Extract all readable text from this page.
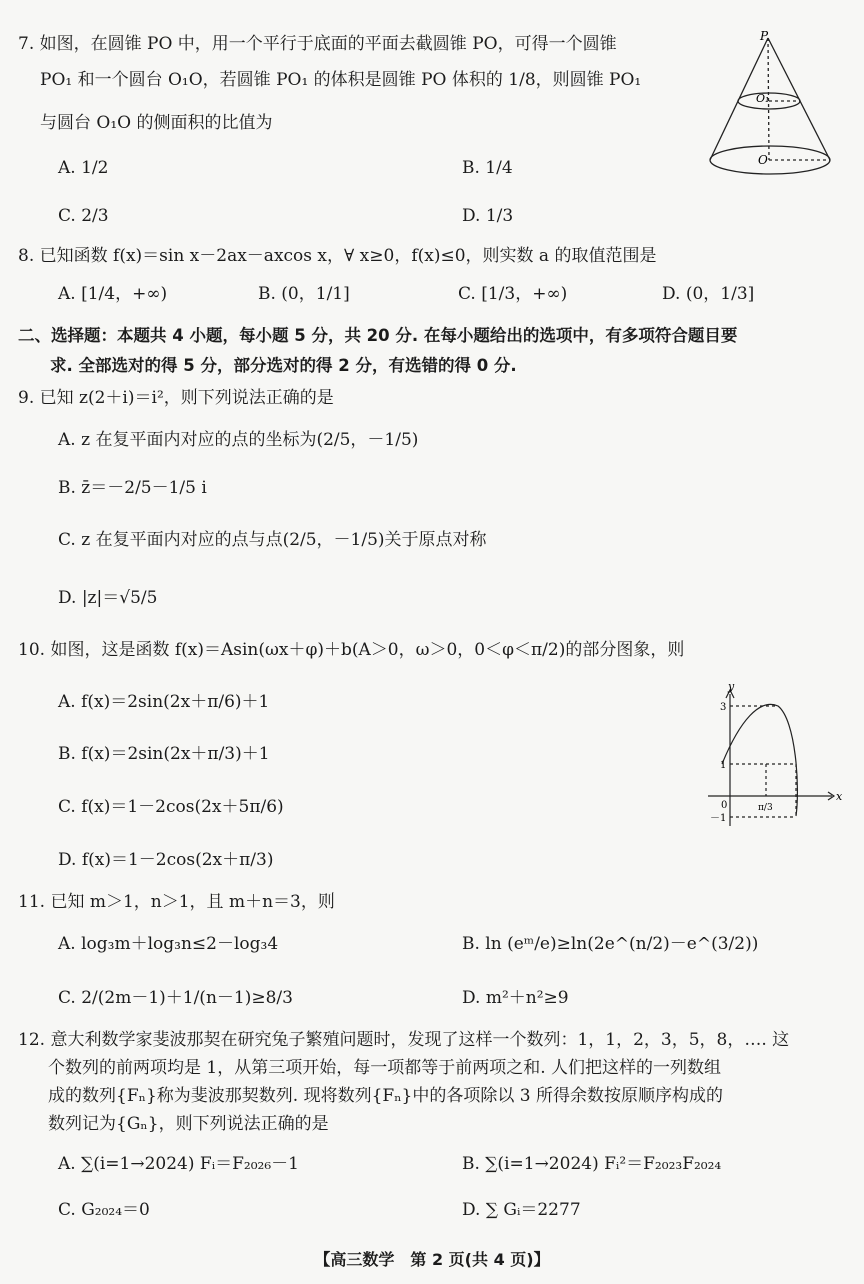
7. 如图，在圆锥 PO 中，用一个平行于底面的平面去截圆锥 PO，可得一个圆锥
PO₁ 和一个圆台 O₁O，若圆锥 PO₁ 的体积是圆锥 PO 体积的 1/8，则圆锥 PO₁
与圆台 O₁O 的侧面积的比值为
A. 1/2	B. 1/4
C. 2/3	D. 1/3
P
O₁
O
8. 已知函数 f(x)＝sin x－2ax－axcos x，∀ x≥0，f(x)≤0，则实数 a 的取值范围是
A. [1/4，+∞)	B. (0，1/1]	C. [1/3，+∞)	D. (0，1/3]
二、选择题：本题共 4 小题，每小题 5 分，共 20 分. 在每小题给出的选项中，有多项符合题目要
求. 全部选对的得 5 分，部分选对的得 2 分，有选错的得 0 分.
9. 已知 z(2＋i)＝i²，则下列说法正确的是
A. z 在复平面内对应的点的坐标为(2/5，－1/5)
B. z̄＝－2/5－1/5 i
C. z 在复平面内对应的点与点(2/5，－1/5)关于原点对称
D. |z|＝√5/5
10. 如图，这是函数 f(x)＝Asin(ωx＋φ)＋b(A＞0，ω＞0，0＜φ＜π/2)的部分图象，则
A. f(x)＝2sin(2x＋π/6)＋1
B. f(x)＝2sin(2x＋π/3)＋1
C. f(x)＝1－2cos(2x＋5π/6)
D. f(x)＝1－2cos(2x＋π/3)
y
x
3
1
0
－1
π/3
11. 已知 m＞1，n＞1，且 m＋n＝3，则
A. log₃m＋log₃n≤2－log₃4	B. ln (eᵐ/e)≥ln(2e^(n/2)－e^(3/2))
C. 2/(2m－1)＋1/(n－1)≥8/3	D. m²＋n²≥9
12. 意大利数学家斐波那契在研究兔子繁殖问题时，发现了这样一个数列：1，1，2，3，5，8，…. 这
个数列的前两项均是 1，从第三项开始，每一项都等于前两项之和. 人们把这样的一列数组
成的数列{Fₙ}称为斐波那契数列. 现将数列{Fₙ}中的各项除以 3 所得余数按原顺序构成的
数列记为{Gₙ}，则下列说法正确的是
A. ∑(i=1→2024) Fᵢ＝F₂₀₂₆－1	B. ∑(i=1→2024) Fᵢ²＝F₂₀₂₃F₂₀₂₄
C. G₂₀₂₄＝0	D. ∑ Gᵢ＝2277
【高三数学　第 2 页(共 4 页)】
